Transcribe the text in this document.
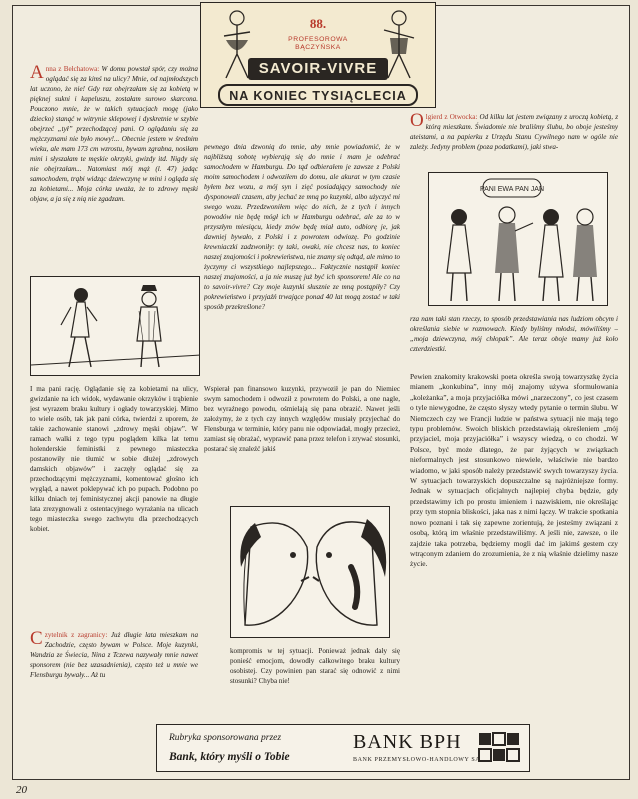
88.
PROFESOROWA
BĄCZYŃSKA
SAVOIR-VIVRE
NA KONIEC TYSIĄCLECIA
Anna z Bełchatowa: W domu powstał spór, czy można oglądać się za kimś na ulicy? Mnie, od najmłodszych lat uczono, że nie! Gdy raz obejrzałam się za kobietą w pięknej sukni i kapeluszu, zostałam surowo skarcona. Pouczono mnie, że w takich sytuacjach mogę (jako dziecko) stanąć w witrynie sklepowej i dyskretnie w szybie obejrzeć „tył” przechodzącej pani. O oglądaniu się za mężczyznami nie było mowy!... Obecnie jestem w średnim wieku, ale mam 173 cm wzrostu, bywam zgrabna, nosiłam mini i słyszałam te męskie okrzyki, gwizdy itd. Nigdy się nie obejrzałam... Natomiast mój mąż (l. 47) jadąc samochodem, trąbi widząc dziewczynę w mini i ogląda się za kobietami... Moja córka uważa, że to zdrowy męski objaw, a ja się z nią nie zgadzam.
I ma pani rację. Oglądanie się za kobietami na ulicy, gwizdanie na ich widok, wydawanie okrzyków i trąbienie jest wyrazem braku kultury i ogłady towarzyskiej. Mimo to wiele osób, tak jak pani córka, twierdzi z uporem, że takie zachowanie stanowi „zdrowy męski objaw”. W ramach walki z tego typu poglądem kilka lat temu holenderskie feministki z pewnego miasteczka postanowiły nie tłumić w sobie dłużej „zdrowych damskich objawów” i zaczęły oglądać się za przechodzącymi mężczyznami, komentować głośno ich wygląd, a nawet poklepywać ich po pupach. Podobno po kilku dniach tej feministycznej akcji panowie na długie lata zrezygnowali z ostentacyjnego wyrażania na ulicach tego miasteczka swego zachwytu dla przechodzących kobiet.
Czytelnik z zagranicy: Już długie lata mieszkam na Zachodzie, często bywam w Polsce. Moje kuzynki, Wandzia ze Świecia, Nina z Tczewa nazywały mnie nawet sponsorem (nie bez uzasadnienia), często też u mnie we Flensburgu bywały... Aż tu
pewnego dnia dzwonią do mnie, aby mnie powiadomić, że w najbliższą sobotę wybierają się do mnie i mam je odebrać samochodem w Hamburgu. Do tąd odbierałem je zawsze z Polski moim samochodem i odwoziłem do domu, ale akurat w tym czasie byłem bez wozu, a mój syn i zięć posiadający samochody nie dysponowali czasem, aby jechać ze mną po kuzynki, albo użyczyć mi swego wozu. Przedzwoniłem więc do nich, że z tych i innych powodów nie będę mógł ich w Hamburgu odebrać, ale za to w przyszłym miesiącu, kiedy znów będę miał auto, odbiorę je, jak dawniej bywało, z Polski i z powrotem odwiozę. Po godzinie krewniaczki zadzwoniły: ty taki, owaki, nie chcesz nas, to koniec naszej znajomości i pokrewieństwa, nie znamy się odtąd, ale mimo to życzymy ci wszystkiego najlepszego... Faktycznie nastąpił koniec naszej znajomości, a ja nie muszę już być ich sponsorem! Ale co na to savoir-vivre? Czy moje kuzynki słusznie ze mną postąpiły? Czy pokrewieństwo i przyjaźń trwające ponad 40 lat mogą zostać w taki sposób przekreślone?
Wspierał pan finansowo kuzynki, przywoził je pan do Niemiec swym samochodem i odwoził z powrotem do Polski, a one nagle, bez wyraźnego powodu, ośmielają się pana obrazić. Nawet jeśli założymy, że z tych czy innych względów musiały przyjechać do Flensburga w terminie, który panu nie odpowiadał, mogły przecież, zamiast się obrażać, wyprawić pana przez telefon i zrywać stosunki, postarać się znaleźć jakiś
kompromis w tej sytuacji. Ponieważ jednak dały się ponieść emocjom, dowodły całkowitego braku kultury osobistej. Czy powinien pan starać się odnowić z nimi stosunki? Chyba nie!
Olgierd z Otwocka: Od kilku lat jestem związany z uroczą kobietą, z którą mieszkam. Świadomie nie braliśmy ślubu, bo oboje jesteśmy ateistami, a na papierku z Urzędu Stanu Cywilnego nam w ogóle nie zależy. Jedyny problem (poza podatkami), jaki stwa-
PANI EWA PAN JAN
rza nam taki stan rzeczy, to sposób przedstawiania nas ludziom obcym i określania siebie w rozmowach. Kiedy byliśmy młodsi, mówiliśmy – „moja dziewczyna, mój chłopak”. Ale teraz oboje mamy już koło czterdziestki.
Pewien znakomity krakowski poeta określa swoją towarzyszkę życia mianem „konkubina”, inny mój znajomy używa sformułowania „koleżanka”, a moja przyjaciółka mówi „narzeczony”, co jest czasem o tyle niewygodne, że często słyszy wtedy pytanie o termin ślubu. W Niemczech czy we Francji ludzie w państwa sytuacji nie mają tego typu problemów. Swoich bliskich przedstawiają określeniem „mój przyjaciel, moja przyjaciółka” i wszyscy wiedzą, o co chodzi. W Polsce, być może dlatego, że par żyjących w związkach nieformalnych jest stosunkowo niewiele, właściwie nie bardzo wiadomo, w jaki sposób należy przedstawić swych towarzyszy życia. W sytuacjach towarzyskich dopuszczalne są najróżniejsze formy. Jednak w sytuacjach oficjalnych najlepiej chyba będzie, gdy przedstawimy ich po prostu imieniem i nazwiskiem, nie określając przy tym stopnia bliskości, jaka nas z nimi łączy. W trakcie spotkania nowo poznani i tak się zapewne zorientują, że jesteśmy związani z osobą, którą im właśnie przedstawiliśmy. A jeśli nie, zawsze, o ile zajdzie taka potrzeba, będziemy mogli dać im jakimś gestem czy wtrąconym zdaniem do zrozumienia, że z nią właśnie dzielimy nasze życie.
Rubryka sponsorowana przez
Bank, który myśli o Tobie
BANK BPH
BANK PRZEMYSŁOWO-HANDLOWY SA
20
